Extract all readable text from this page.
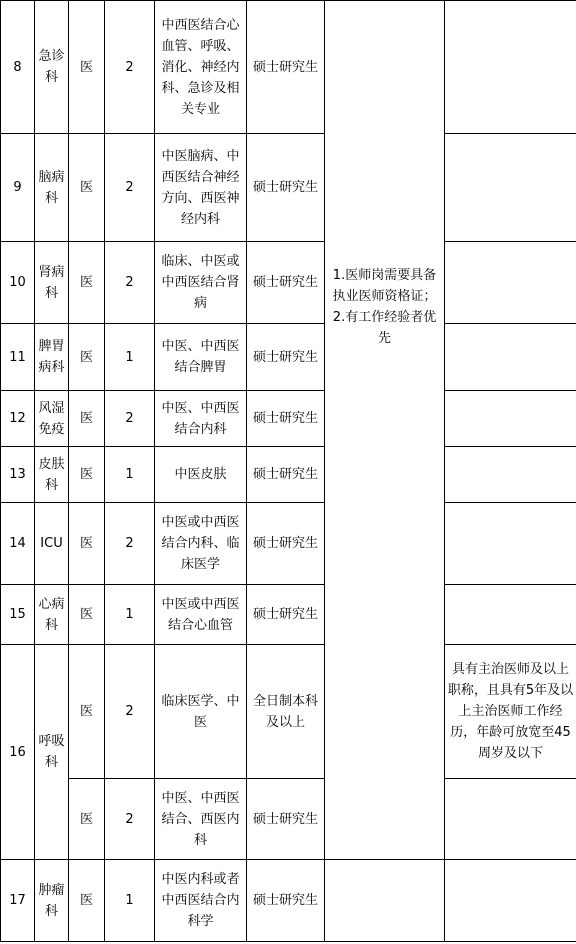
8	急诊科	医	2	中西医结合心血管、呼吸、消化、神经内科、急诊及相关专业	硕士研究生	1.医师岗需要具备执业医师资格证；
2.有工作经验者优先	

9	脑病科	医	2	中医脑病、中西医结合神经方向、西医神经内科	硕士研究生		
10	肾病科	医	2	临床、中医或中西医结合肾病	硕士研究生		
11	脾胃病科	医	1	中医、中西医结合脾胃	硕士研究生		
12	风湿免疫	医	2	中医、中西医结合内科	硕士研究生		
13	皮肤科	医	1	中医皮肤	硕士研究生		
14	ICU	医	2	中医或中西医结合内科、临床医学	硕士研究生		
15	心病科	医	1	中医或中西医结合心血管	硕士研究生		
16	呼吸科	医	2	临床医学、中医	全日制本科及以上		具有主治医师及以上职称，且具有5年及以上主治医师工作经历，年龄可放宽至45周岁及以下
		医	2	中医、中西医结合、西医内科	硕士研究生		
17	肿瘤科	医	1	中医内科或者中西医结合内科学	硕士研究生		
